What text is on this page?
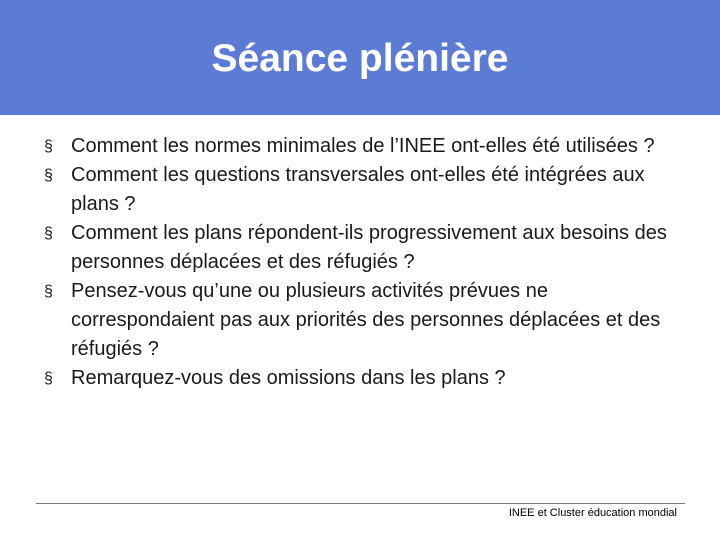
Séance plénière
§ Comment les normes minimales de l’INEE ont-elles été utilisées ?
§ Comment les questions transversales ont-elles été intégrées aux plans ?
§ Comment les plans répondent-ils progressivement aux besoins des personnes déplacées et des réfugiés ?
§ Pensez-vous qu’une ou plusieurs activités prévues ne correspondaient pas aux priorités des personnes déplacées et des réfugiés ?
§ Remarquez-vous des omissions dans les plans ?
INEE et Cluster éducation mondial
